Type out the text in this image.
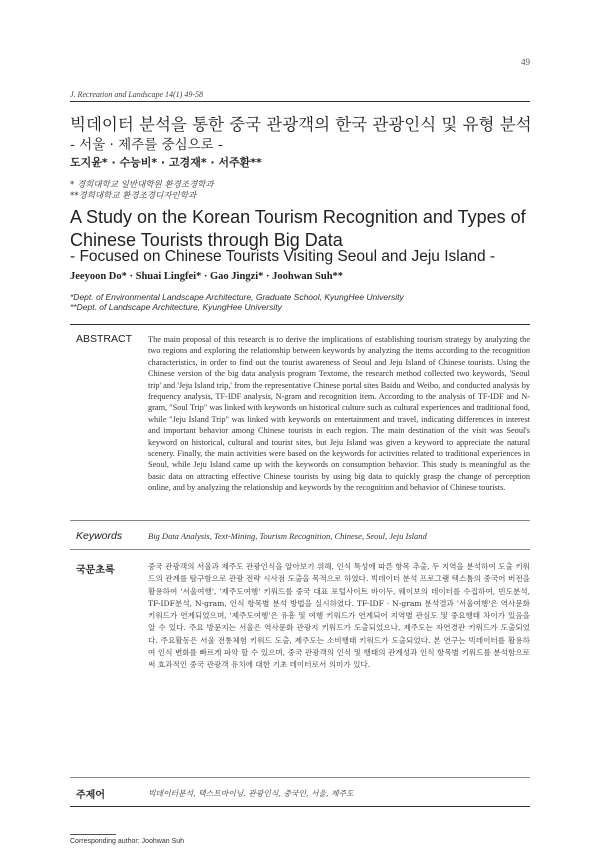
49
J. Recreation and Landscape 14(1) 49-58
빅데이터 분석을 통한 중국 관광객의 한국 관광인식 및 유형 분석
- 서울 · 제주를 중심으로 -
도지윤* · 수능비* · 고경재* · 서주환**
* 경희대학교 일반대학원 환경조경학과
**경희대학교 환경조경디자인학과
A Study on the Korean Tourism Recognition and Types of Chinese Tourists through Big Data
- Focused on Chinese Tourists Visiting Seoul and Jeju Island -
Jeeyoon Do* · Shuai Lingfei* · Gao Jingzi* · Joohwan Suh**
*Dept. of Environmental Landscape Architecture, Graduate School, KyungHee University
**Dept. of Landscape Architecture, KyungHee University
ABSTRACT The main proposal of this research is to derive the implications of establishing tourism strategy by analyzing the two regions and exploring the relationship between keywords by analyzing the items according to the recognition characteristics, in order to find out the tourist awareness of Seoul and Jeju Island of Chinese tourists. Using the Chinese version of the big data analysis program Textome, the research method collected two keywords, 'Seoul trip' and 'Jeju Island trip,' from the representative Chinese portal sites Baidu and Weibo, and conducted analysis by frequency analysis, TF-IDF analysis, N-gram and recognition item. According to the analysis of TF-IDF and N-gram, "Soul Trip" was linked with keywords on historical culture such as cultural experiences and traditional food, while "Jeju Island Trip" was linked with keywords on entertainment and travel, indicating differences in interest and important behavior among Chinese tourists in each region. The main destination of the visit was Seoul's keyword on historical, cultural and tourist sites, but Jeju Island was given a keyword to appreciate the natural scenery. Finally, the main activities were based on the keywords for activities related to traditional experiences in Seoul, while Jeju Island came up with the keywords on consumption behavior. This study is meaningful as the basic data on attracting effective Chinese tourists by using big data to quickly grasp the change of perception online, and by analyzing the relationship and keywords by the recognition and behavior of Chinese tourists.
Keywords	Big Data Analysis, Text-Mining, Tourism Recognition, Chinese, Seoul, Jeju Island
국문초록	중국 관광객의 서울과 제주도 관광인식을 알아보기 위해, 인식 특성에 따른 항목 추출, 두 지역을 분석하여 도출 키워드의 관계를 탐구함으로 관광 전략 시사점 도출을 목적으로 하였다. 빅데이터 분석 프로그램 텍스톰의 중국어 버전을 활용하여 '서울여행', '제주도여행' 키워드를 중국 대표 포털사이트 바이두, 웨이보의 데이터를 수집하여, 빈도분석, TF-IDF분석, N-gram, 인식 항목별 분석 방법을 실시하였다. TF-IDF · N-gram 분석결과 '서울여행'은 역사문화 키워드가 연계되었으며, '제주도여행'은 유흥 및 여행 키워드가 연계되어 지역별 관심도 및 중요행태 차이가 있음을 알 수 있다. 주요 방문지는 서울은 역사문화 관광지 키워드가 도출되었으나, 제주도는 자연경관 키워드가 도출되었다. 주요활동은 서울 전통체험 키워드 도출, 제주도는 소비행태 키워드가 도출되었다. 본 연구는 빅데이터를 활용하여 인식 변화를 빠르게 파악 할 수 있으며, 중국 관광객의 인식 및 행태의 관계성과 인식 항목별 키워드를 분석함으로써 효과적인 중국 관광객 유치에 대한 기초 데이터로서 의미가 있다.
주제어	빅데이터분석, 텍스트마이닝, 관광인식, 중국인, 서울, 제주도
Corresponding author: Joohwan Suh
